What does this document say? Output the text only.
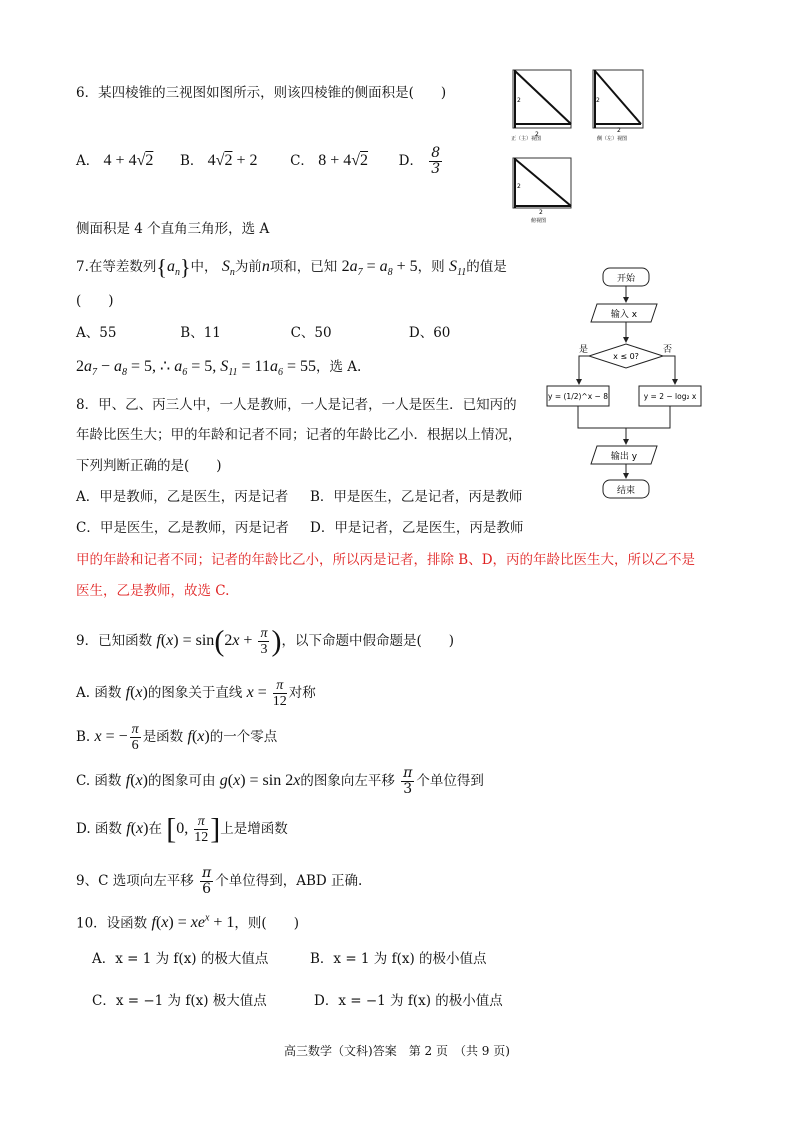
6．某四棱锥的三视图如图所示，则该四棱锥的侧面积是(　　)
A． 4 + 4√2 B． 4√2 + 2 C． 8 + 4√2 D． $\frac{8}{3}$
侧面积是 4 个直角三角形，选 A
2
2
正（主）视图
2
2
侧（左）视图
2
2
俯视图
7.在等差数列$\{a_n\}$中， $S_n$为前n项和，已知 $2a_7 = a_8 + 5$，则 $S_{11}$的值是
(　　)
A、55	B、11	C、50	D、60
$2a_7 - a_8 = 5$, ∴ $a_6 = 5$, $S_{11} = 11a_6 = 55$，选 A.
开始
输入 x
x ≤ 0?
是	否
y = (1/2)^x − 8	y = 2 − log₂ x
输出 y
结束
8．甲、乙、丙三人中，一人是教师，一人是记者，一人是医生．已知丙的
年龄比医生大；甲的年龄和记者不同；记者的年龄比乙小．根据以上情况，
下列判断正确的是(　　)
A．甲是教师，乙是医生，丙是记者 B．甲是医生，乙是记者，丙是教师
C．甲是医生，乙是教师，丙是记者 D．甲是记者，乙是医生，丙是教师
甲的年龄和记者不同；记者的年龄比乙小，所以丙是记者，排除 B、D，丙的年龄比医生大，所以乙不是
医生，乙是教师，故选 C.
9．已知函数 $f(x) = \sin(2x + \frac{\pi}{3}$ )，以下命题中假命题是(　　)
A. 函数 f(x)的图象关于直线 $x = \frac{\pi}{12}$ 对称
B. x = − $\frac{\pi}{6}$ 是函数 f(x)的一个零点
C. 函数 f(x)的图象可由 g(x) = sin 2x的图象向左平移 $\frac{\pi}{3}$ 个单位得到
D. 函数 f(x)在 [0, $\frac{\pi}{12}$ ]上是增函数
9、C 选项向左平移 $\frac{\pi}{6}$ 个单位得到，ABD 正确.
10．设函数 $f(x) = xe^x + 1$，则(　　)
A．x = 1 为 f(x) 的极大值点	B．x = 1 为 f(x) 的极小值点
C．x = −1 为 f(x) 极大值点	D．x = −1 为 f(x) 的极小值点
高三数学（文科)答案　第 2 页　（共 9 页)
